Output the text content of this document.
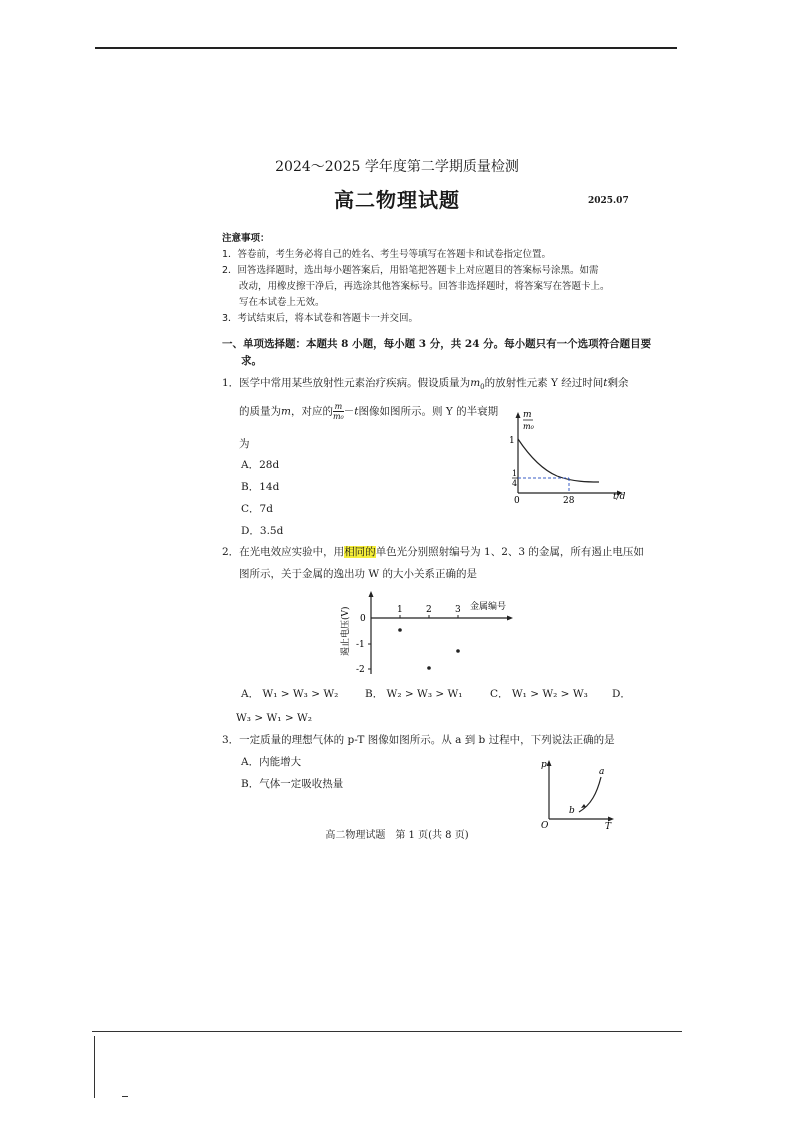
2024～2025 学年度第二学期质量检测
高二物理试题	2025.07
注意事项：
1．答卷前，考生务必将自己的姓名、考生号等填写在答题卡和试卷指定位置。
2．回答选择题时，选出每小题答案后，用铅笔把答题卡上对应题目的答案标号涂黑。如需
改动，用橡皮擦干净后，再选涂其他答案标号。回答非选择题时，将答案写在答题卡上。
写在本试卷上无效。
3．考试结束后，将本试卷和答题卡一并交回。
一、单项选择题：本题共 8 小题，每小题 3 分，共 24 分。每小题只有一个选项符合题目要
求。
1．医学中常用某些放射性元素治疗疾病。假设质量为$m_0$的放射性元素 Y 经过时间t剩余
的质量为m，对应的 $\frac{m}{\text{m₀}} -t$图像如图所示。则 Y 的半衰期
为
A．28d
B．14d
C．7d
D．3.5d
m
m₀
1
1
4
0	28	t/d
2．在光电效应实验中，用相同的单色光分别照射编号为 1、2、3 的金属，所有遏止电压如
图所示，关于金属的逸出功 W 的大小关系正确的是
1	2	3 金属编号
0
-1
-2
遏止电压(V)
A． W₁ > W₃ > W₂	B． W₂ > W₃ > W₁	C． W₁ > W₂ > W₃ D．
W₃ > W₁ > W₂
3．一定质量的理想气体的 p-T 图像如图所示。从 a 到 b 过程中，下列说法正确的是
A．内能增大
B．气体一定吸收热量
p
T
O
a
b
高二物理试题　第 1 页(共 8 页)
